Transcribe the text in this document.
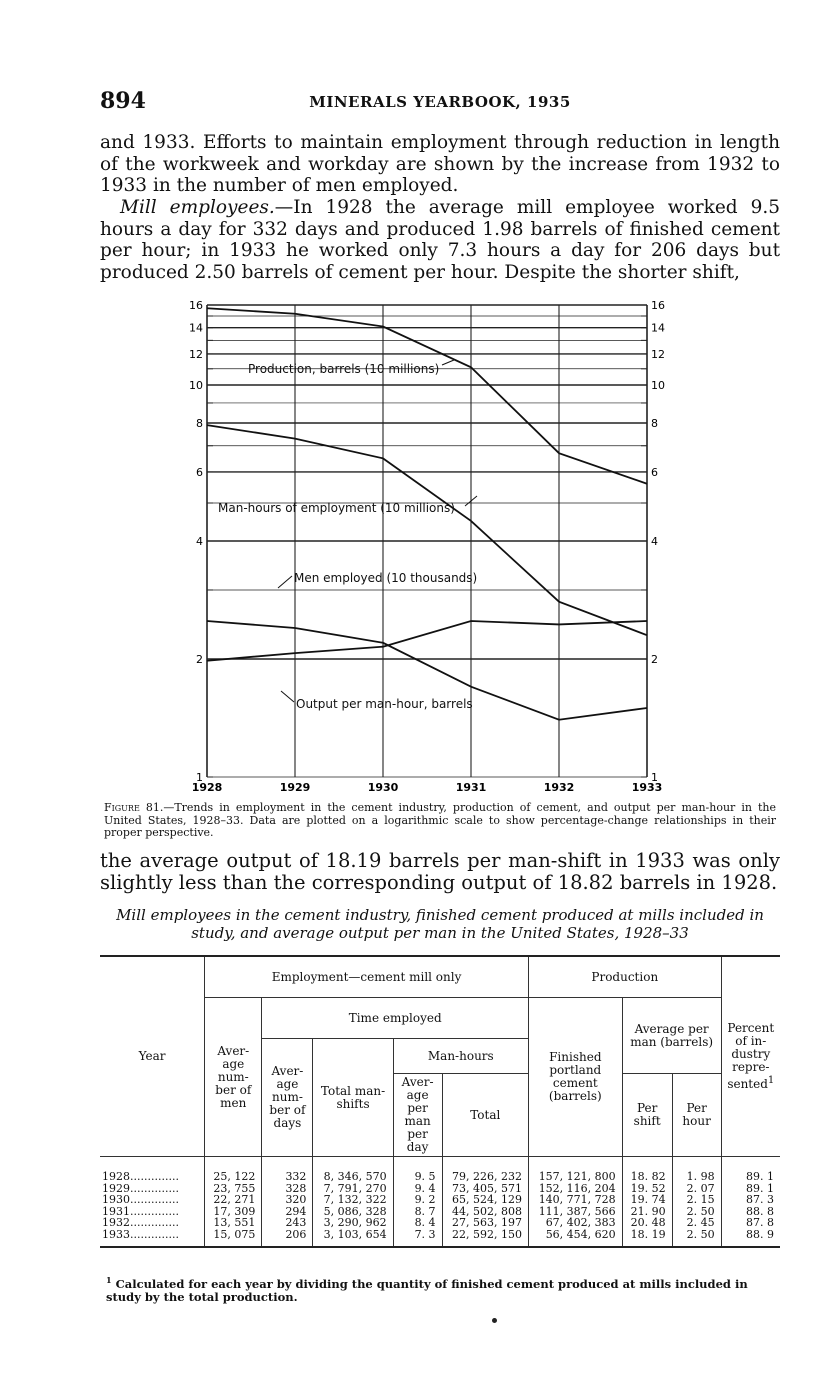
894	MINERALS YEARBOOK, 1935

and 1933. Efforts to maintain employment through reduction in length of the workweek and workday are shown by the increase from 1932 to 1933 in the number of men employed.

Mill employees.—In 1928 the average mill employee worked 9.5 hours a day for 332 days and produced 1.98 barrels of finished cement per hour; in 1933 he worked only 7.3 hours a day for 206 days but produced 2.50 barrels of cement per hour. Despite the shorter shift,

1
2
4
6
8
10
12
14
16
1
2
4
6
8
10
12
14
16
1928	1929	1930	1931	1932	1933
Production, barrels (10 millions)
Man-hours of employment (10 millions)
Men employed (10 thousands)
Output per man-hour, barrels

Figure 81.—Trends in employment in the cement industry, production of cement, and output per man-hour in the United States, 1928–33. Data are plotted on a logarithmic scale to show percentage-change relationships in their proper perspective.

the average output of 18.19 barrels per man-shift in 1933 was only slightly less than the corresponding output of 18.82 barrels in 1928.

Mill employees in the cement industry, finished cement produced at mills included in study, and average output per man in the United States, 1928–33

Year	Employment—cement mill only					Production			Percent of in-dustry repre-sented$^1$
	Aver-age num-ber of men	Time employed				Finished portland cement (barrels)	Average per man (barrels)		
		Aver-age num-ber of days	Total man-shifts	Man-hours					
				Aver-age per man per day	Total		Per shift	Per hour	
1928..............	25, 122	332	8, 346, 570	9. 5	79, 226, 232	157, 121, 800	18. 82	1. 98	89. 1
1929..............	23, 755	328	7, 791, 270	9. 4	73, 405, 571	152, 116, 204	19. 52	2. 07	89. 1
1930..............	22, 271	320	7, 132, 322	9. 2	65, 524, 129	140, 771, 728	19. 74	2. 15	87. 3
1931..............	17, 309	294	5, 086, 328	8. 7	44, 502, 808	111, 387, 566	21. 90	2. 50	88. 8
1932..............	13, 551	243	3, 290, 962	8. 4	27, 563, 197	67, 402, 383	20. 48	2. 45	87. 8
1933..............	15, 075	206	3, 103, 654	7. 3	22, 592, 150	56, 454, 620	18. 19	2. 50	88. 9

$^1$ Calculated for each year by dividing the quantity of finished cement produced at mills included in study by the total production.
